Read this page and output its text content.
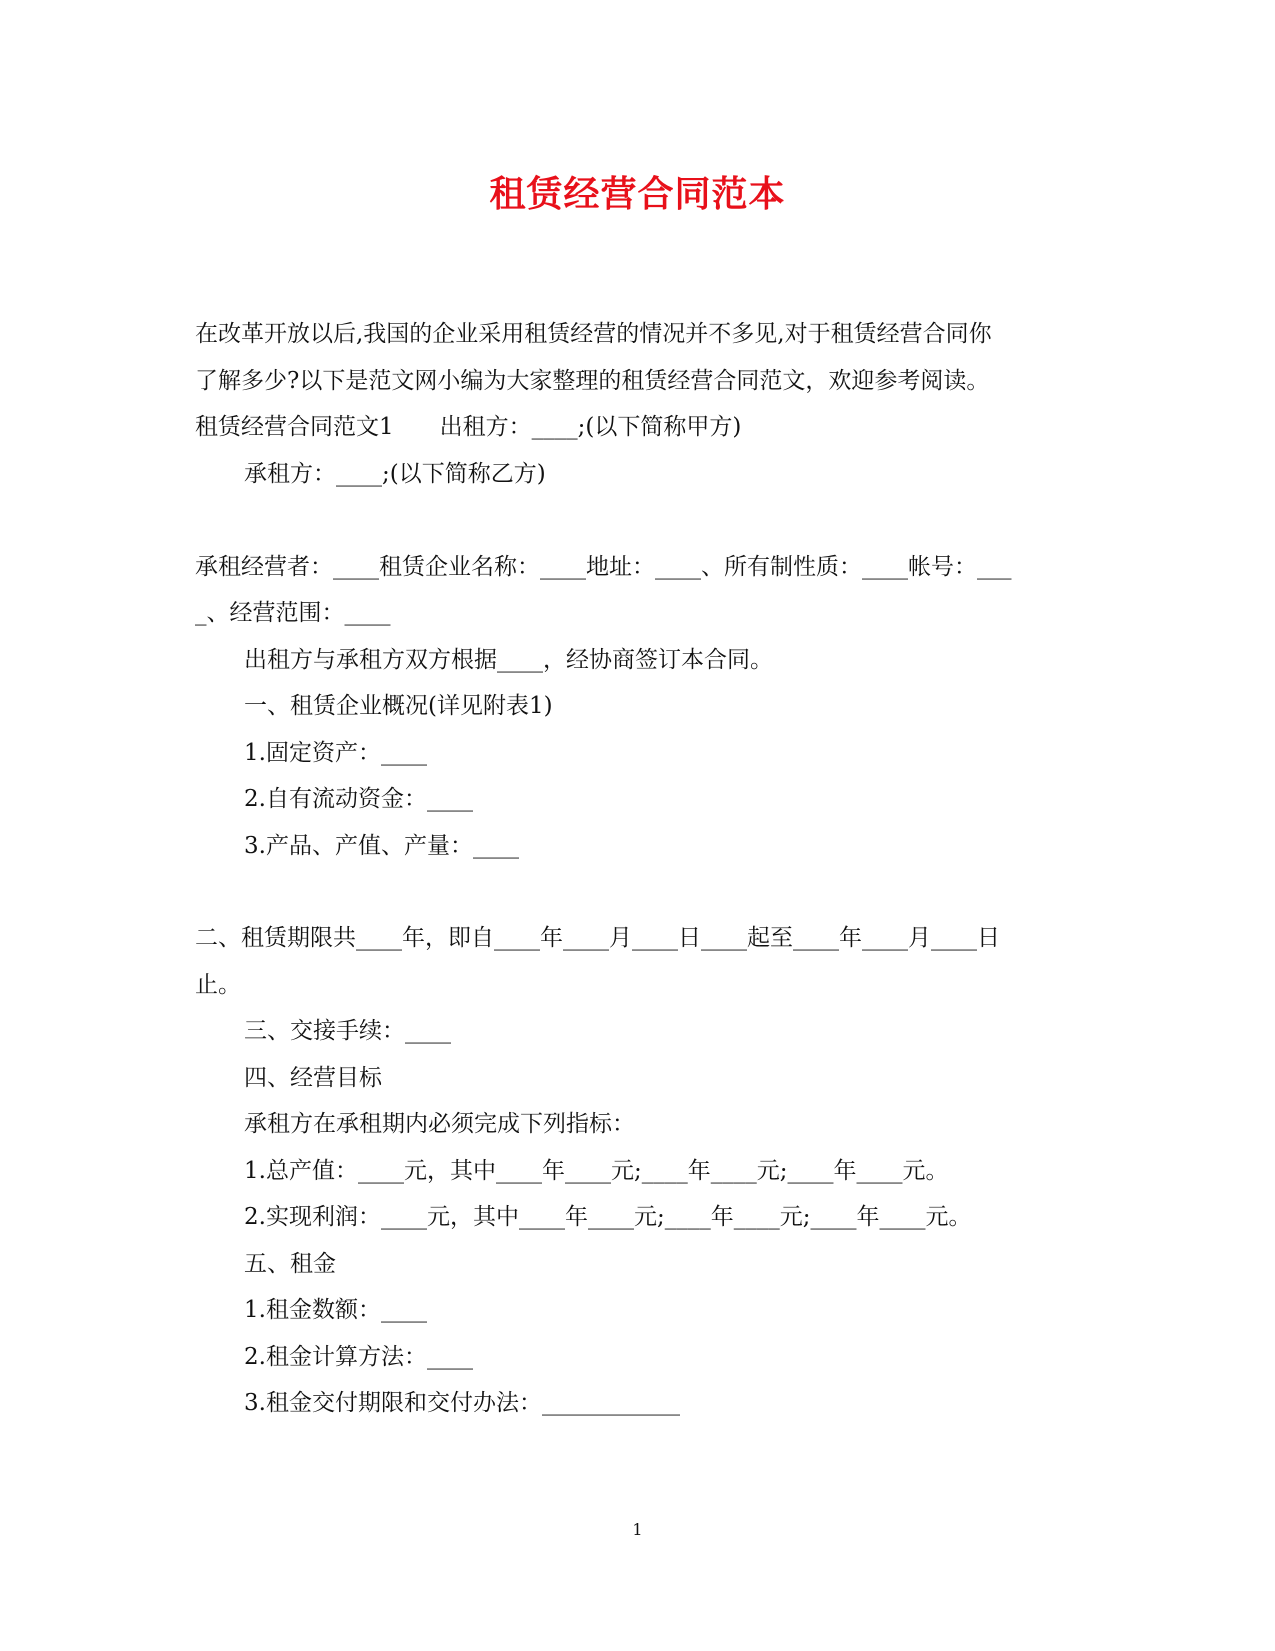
租赁经营合同范本
在改革开放以后,我国的企业采用租赁经营的情况并不多见,对于租赁经营合同你
了解多少?以下是范文网小编为大家整理的租赁经营合同范文，欢迎参考阅读。
租赁经营合同范文1　　出租方：____;(以下简称甲方)
承租方：____;(以下简称乙方)
承租经营者：____租赁企业名称：____地址：____、所有制性质：____帐号：___
_、经营范围：____
出租方与承租方双方根据____，经协商签订本合同。
一、租赁企业概况(详见附表1)
1.固定资产：____
2.自有流动资金：____
3.产品、产值、产量：____
二、租赁期限共____年，即自____年____月____日____起至____年____月____日
止。
三、交接手续：____
四、经营目标
承租方在承租期内必须完成下列指标：
1.总产值：____元，其中____年____元;____年____元;____年____元。
2.实现利润：____元，其中____年____元;____年____元;____年____元。
五、租金
1.租金数额：____
2.租金计算方法：____
3.租金交付期限和交付办法：____________
1
